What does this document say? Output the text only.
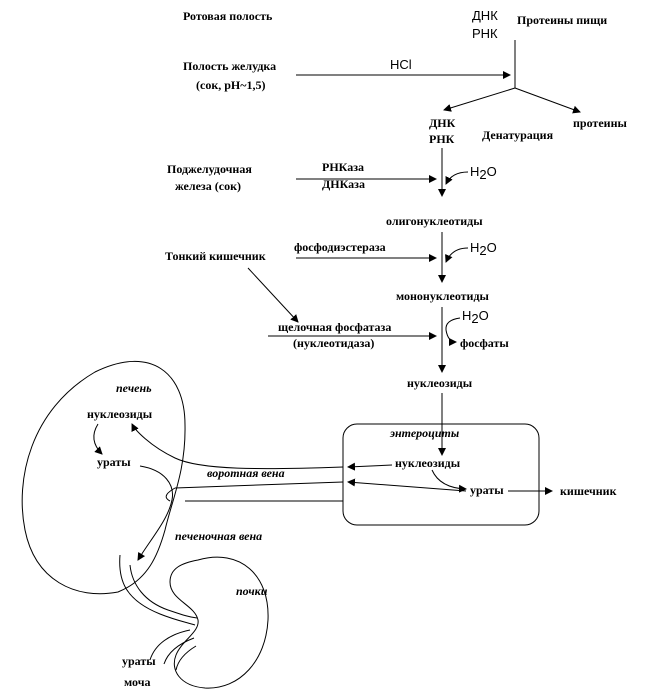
Ротовая полость	ДНК
РНК
Протеины пищи
Полость желудка
(сок, рН~1,5)
HCl
ДНК
РНК Денатурация
протеины
Поджелудочная
железа (сок)
РНКаза
ДНКаза
H2O
олигонуклеотиды
Тонкий кишечник
фосфодиэстераза	H2O
мононуклеотиды
щелочная фосфатаза
(нуклеотидаза)
H2O
фосфаты
нуклеозиды
энтероциты
нуклеозиды
ураты	кишечник
печень
нуклеозиды
ураты
воротная вена
печеночная вена
почки
ураты
моча
